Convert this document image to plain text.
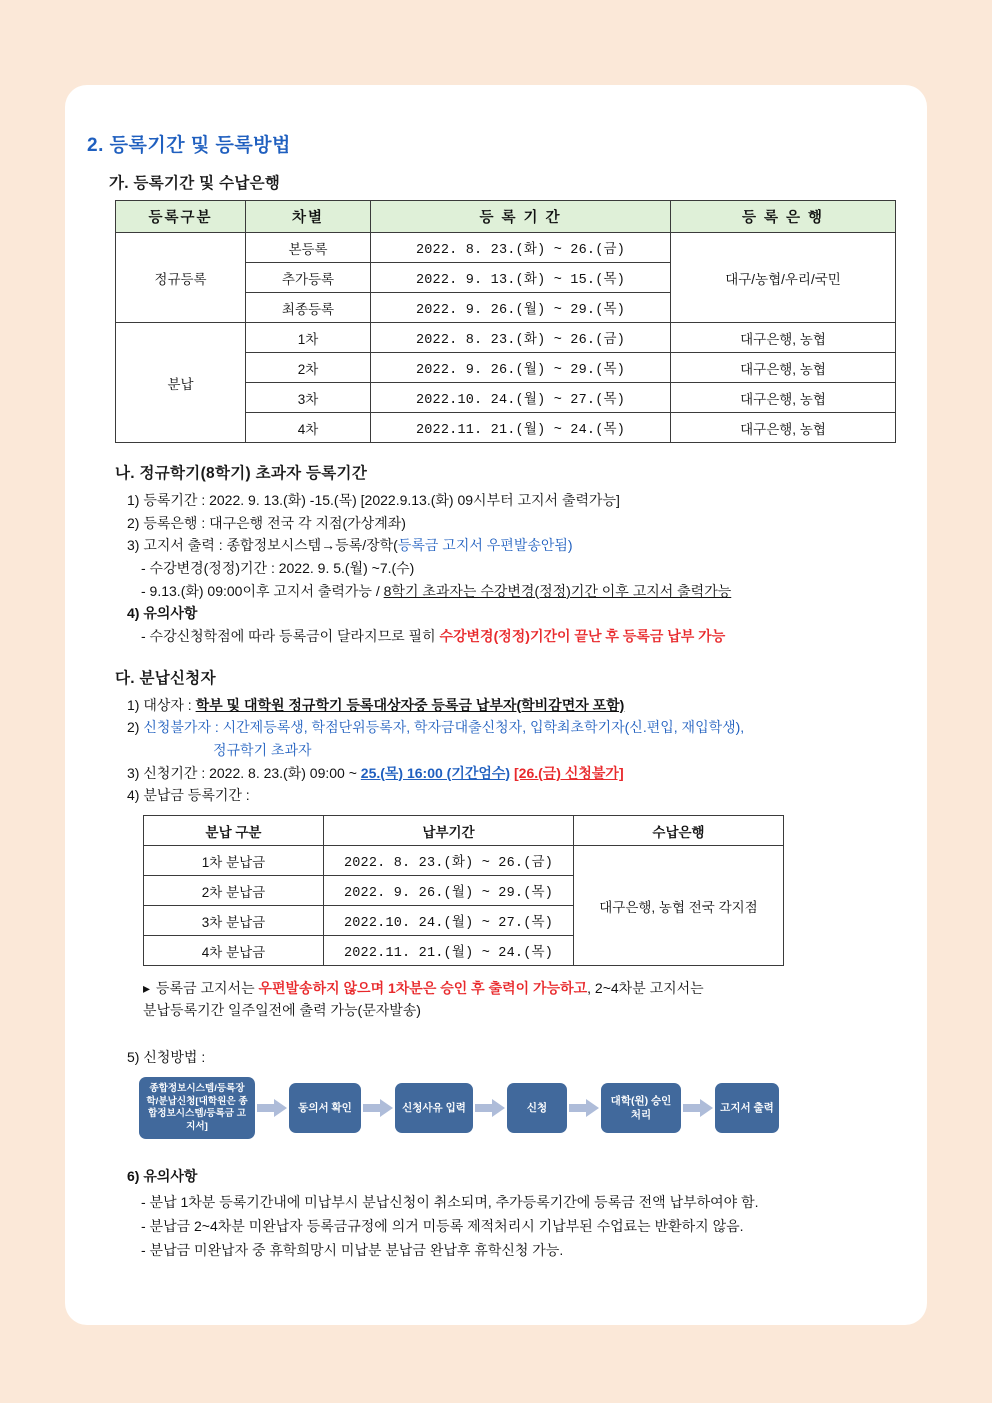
2. 등록기간 및 등록방법
가. 등록기간 및 수납은행
등록구분	차별	등 록 기 간	등 록 은 행
정규등록	본등록	2022. 8. 23.(화) ~ 26.(금)	대구/농협/우리/국민
	추가등록	2022. 9. 13.(화) ~ 15.(목)	
	최종등록	2022. 9. 26.(월) ~ 29.(목)	
분납	1차	2022. 8. 23.(화) ~ 26.(금)	대구은행, 농협
	2차	2022. 9. 26.(월) ~ 29.(목)	대구은행, 농협
	3차	2022.10. 24.(월) ~ 27.(목)	대구은행, 농협
	4차	2022.11. 21.(월) ~ 24.(목)	대구은행, 농협
나. 정규학기(8학기) 초과자 등록기간
1) 등록기간 : 2022. 9. 13.(화) -15.(목) [2022.9.13.(화) 09시부터 고지서 출력가능]
2) 등록은행 : 대구은행 전국 각 지점(가상계좌)
3) 고지서 출력 : 종합정보시스템→등록/장학(등록금 고지서 우편발송안됨)
- 수강변경(정정)기간 : 2022. 9. 5.(월) ~7.(수)
- 9.13.(화) 09:00이후 고지서 출력가능 / 8학기 초과자는 수강변경(정정)기간 이후 고지서 출력가능
4) 유의사항
- 수강신청학점에 따라 등록금이 달라지므로 필히 수강변경(정정)기간이 끝난 후 등록금 납부 가능
다. 분납신청자
1) 대상자 : 학부 및 대학원 정규학기 등록대상자중 등록금 납부자(학비감면자 포함)
2) 신청불가자 : 시간제등록생, 학점단위등록자, 학자금대출신청자, 입학최초학기자(신.편입, 재입학생),
정규학기 초과자
3) 신청기간 : 2022. 8. 23.(화) 09:00 ~ 25.(목) 16:00 (기간엄수) [26.(금) 신청불가]
4) 분납금 등록기간 :
분납 구분	납부기간	수납은행
1차 분납금	2022. 8. 23.(화) ~ 26.(금)	대구은행, 농협 전국 각지점
2차 분납금	2022. 9. 26.(월) ~ 29.(목)	
3차 분납금	2022.10. 24.(월) ~ 27.(목)	
4차 분납금	2022.11. 21.(월) ~ 24.(목)	
▸ 등록금 고지서는 우편발송하지 않으며 1차분은 승인 후 출력이 가능하고, 2~4차분 고지서는
분납등록기간 일주일전에 출력 가능(문자발송)
5) 신청방법 :
종합정보시스템/등록장학/분납신청[대학원은 종합정보시스템/등록금 고지서]
동의서 확인	신청사유 입력	신청
대학(원) 승인처리
고지서 출력
6) 유의사항
- 분납 1차분 등록기간내에 미납부시 분납신청이 취소되며, 추가등록기간에 등록금 전액 납부하여야 함.
- 분납금 2~4차분 미완납자 등록금규정에 의거 미등록 제적처리시 기납부된 수업료는 반환하지 않음.
- 분납금 미완납자 중 휴학희망시 미납분 분납금 완납후 휴학신청 가능.
